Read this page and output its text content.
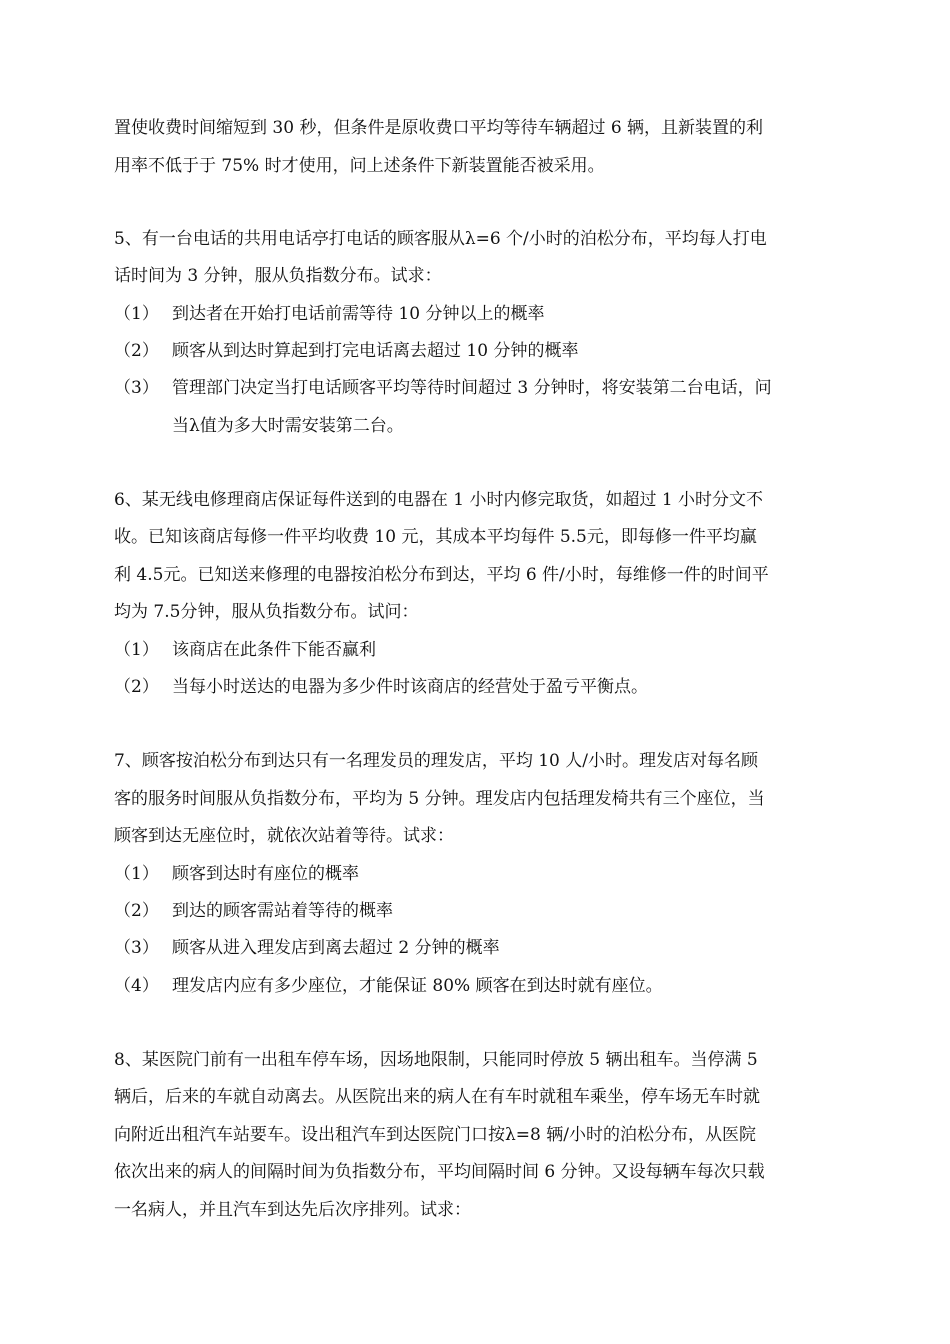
置使收费时间缩短到 30 秒，但条件是原收费口平均等待车辆超过 6 辆，且新装置的利
用率不低于于 75% 时才使用，问上述条件下新装置能否被采用。
5、有一台电话的共用电话亭打电话的顾客服从λ=6 个/小时的泊松分布，平均每人打电
话时间为 3 分钟，服从负指数分布。试求：
（1） 到达者在开始打电话前需等待 10 分钟以上的概率
（2） 顾客从到达时算起到打完电话离去超过 10 分钟的概率
（3） 管理部门决定当打电话顾客平均等待时间超过 3 分钟时，将安装第二台电话，问
当λ值为多大时需安装第二台。
6、某无线电修理商店保证每件送到的电器在 1 小时内修完取货，如超过 1 小时分文不
收。已知该商店每修一件平均收费 10 元，其成本平均每件 5.5元，即每修一件平均赢
利 4.5元。已知送来修理的电器按泊松分布到达，平均 6 件/小时，每维修一件的时间平
均为 7.5分钟，服从负指数分布。试问：
（1） 该商店在此条件下能否赢利
（2） 当每小时送达的电器为多少件时该商店的经营处于盈亏平衡点。
7、顾客按泊松分布到达只有一名理发员的理发店，平均 10 人/小时。理发店对每名顾
客的服务时间服从负指数分布，平均为 5 分钟。理发店内包括理发椅共有三个座位，当
顾客到达无座位时，就依次站着等待。试求：
（1） 顾客到达时有座位的概率
（2） 到达的顾客需站着等待的概率
（3） 顾客从进入理发店到离去超过 2 分钟的概率
（4） 理发店内应有多少座位，才能保证 80% 顾客在到达时就有座位。
8、某医院门前有一出租车停车场，因场地限制，只能同时停放 5 辆出租车。当停满 5
辆后，后来的车就自动离去。从医院出来的病人在有车时就租车乘坐，停车场无车时就
向附近出租汽车站要车。设出租汽车到达医院门口按λ=8 辆/小时的泊松分布，从医院
依次出来的病人的间隔时间为负指数分布，平均间隔时间 6 分钟。又设每辆车每次只载
一名病人，并且汽车到达先后次序排列。试求：
